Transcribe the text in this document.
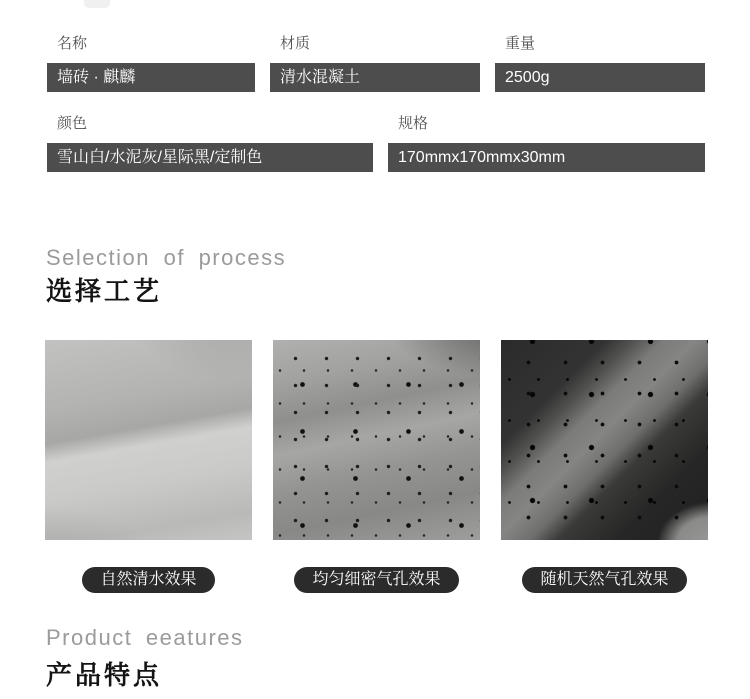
名称	材质	重量
墙砖 · 麒麟	清水混凝土	2500g
颜色	规格
雪山白/水泥灰/星际黑/定制色	170mmx170mmx30mm
Selection of process
选择工艺
自然清水效果	均匀细密气孔效果	随机天然气孔效果
Product eeatures
产品特点
